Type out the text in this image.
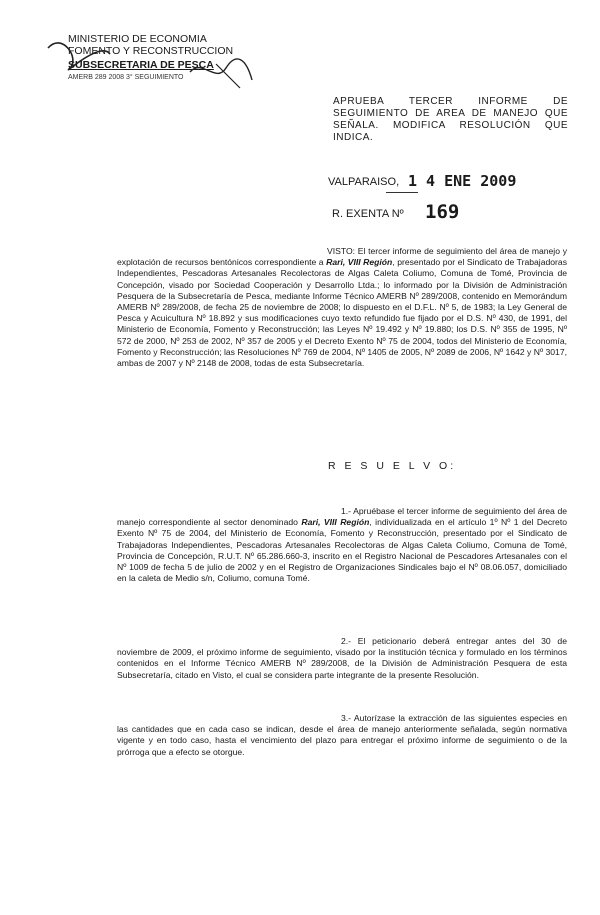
MINISTERIO DE ECONOMIA
FOMENTO Y RECONSTRUCCION
SUBSECRETARIA DE PESCA
AMERB 289 2008 3° SEGUIMIENTO
APRUEBA TERCER INFORME DE SEGUIMIENTO DE AREA DE MANEJO QUE SEÑALA. MODIFICA RESOLUCIÓN QUE INDICA.
VALPARAISO, 1 4 ENE 2009
R. EXENTA Nº 169

VISTO: El tercer informe de seguimiento del área de manejo y explotación de recursos bentónicos correspondiente a Rari, VIII Región, presentado por el Sindicato de Trabajadoras Independientes, Pescadoras Artesanales Recolectoras de Algas Caleta Coliumo, Comuna de Tomé, Provincia de Concepción, visado por Sociedad Cooperación y Desarrollo Ltda.; lo informado por la División de Administración Pesquera de la Subsecretaría de Pesca, mediante Informe Técnico AMERB Nº 289/2008, contenido en Memorándum AMERB Nº 289/2008, de fecha 25 de noviembre de 2008; lo dispuesto en el D.F.L. Nº 5, de 1983; la Ley General de Pesca y Acuicultura Nº 18.892 y sus modificaciones cuyo texto refundido fue fijado por el D.S. Nº 430, de 1991, del Ministerio de Economía, Fomento y Reconstrucción; las Leyes Nº 19.492 y Nº 19.880; los D.S. Nº 355 de 1995, Nº 572 de 2000, Nº 253 de 2002, Nº 357 de 2005 y el Decreto Exento Nº 75 de 2004, todos del Ministerio de Economía, Fomento y Reconstrucción; las Resoluciones Nº 769 de 2004, Nº 1405 de 2005, Nº 2089 de 2006, Nº 1642 y Nº 3017, ambas de 2007 y Nº 2148 de 2008, todas de esta Subsecretaría.

R E S U E L V O:

1.- Apruébase el tercer informe de seguimiento del área de manejo correspondiente al sector denominado Rari, VIII Región, individualizada en el artículo 1º Nº 1 del Decreto Exento Nº 75 de 2004, del Ministerio de Economía, Fomento y Reconstrucción, presentado por el Sindicato de Trabajadoras Independientes, Pescadoras Artesanales Recolectoras de Algas Caleta Coliumo, Comuna de Tomé, Provincia de Concepción, R.U.T. Nº 65.286.660-3, inscrito en el Registro Nacional de Pescadores Artesanales con el Nº 1009 de fecha 5 de julio de 2002 y en el Registro de Organizaciones Sindicales bajo el Nº 08.06.057, domiciliado en la caleta de Medio s/n, Coliumo, comuna Tomé.

2.- El peticionario deberá entregar antes del 30 de noviembre de 2009, el próximo informe de seguimiento, visado por la institución técnica y formulado en los términos contenidos en el Informe Técnico AMERB Nº 289/2008, de la División de Administración Pesquera de esta Subsecretaría, citado en Visto, el cual se considera parte integrante de la presente Resolución.

3.- Autorízase la extracción de las siguientes especies en las cantidades que en cada caso se indican, desde el área de manejo anteriormente señalada, según normativa vigente y en todo caso, hasta el vencimiento del plazo para entregar el próximo informe de seguimiento o de la prórroga que a efecto se otorgue.
